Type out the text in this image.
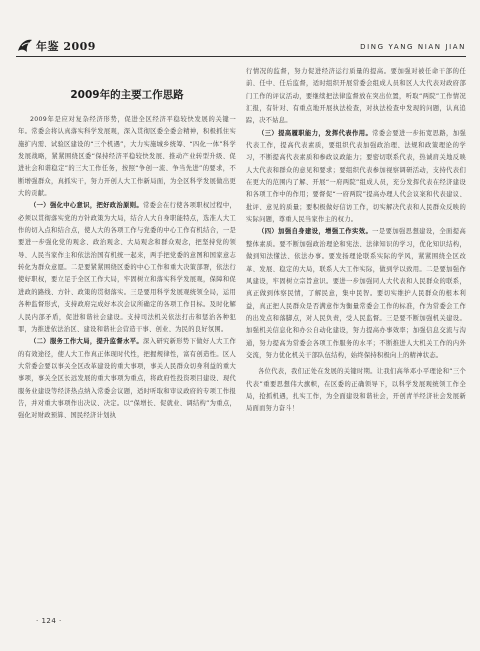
年鉴 2009	DING YANG NIAN JIAN
2009年的主要工作思路

2009年是应对复杂经济形势，促进全区经济平稳较快发展的关键一年。常委会将认真落实科学发展观，深入贯彻区委全委会精神，积极抓住实施扩内需、试验区建设的“三个机遇”，大力实施城乡统筹、“四化一体”科学发展战略，紧紧围绕区委“保持经济平稳较快发展、推动产业转型升级、促进社会和谐稳定”的三大工作任务，按照“争创一流、争当先进”的要求，不断增强群众，真抓实干，努力开创人大工作新局面，为全区科学发展做出更大的贡献。

（一）强化中心意识，把好政治原则。常委会在行使各项职权过程中，必须以贯彻落实党的方针政策为大局，结合人大自身职能特点，选准人大工作的切入点和结合点，使人大的各项工作与党委的中心工作有机结合，一是要进一步强化党的观念、政治观念、大局观念和群众观念，把坚持党的领导、人民当家作主和依法治国有机统一起来，两手把党委的意图和国家意志转化为群众意愿。二是要紧紧围绕区委的中心工作和重大决策部署，依法行使好职权，要立足于全区工作大局，牢固树立和落实科学发展观，保障和促进政的路线、方针、政策的贯彻落实。三是要用科学发展观统领全局，运用各种监督形式，支持政府完成好本次会议所确定的各项工作目标。及时化解人民内部矛盾，促进和谐社会建设。支持司法机关依法打击和惩治各种犯罪，为推进依法治区、建设和谐社会营造干事、创业、为民的良好氛围。

（二）服务工作大局，提升监督水平。深入研究新形势下做好人大工作的有效途径，使人大工作真正体现时代性，把握规律性，富有创造性。区人大常委会要以事关全区改革建设的重大事项，事关人民群众切身利益的重大事项，事关全区长远发展的重大事项为重点，将政府性投资项目建设、现代服务业建设等经济热点纳入常委会议题，适时听取和审议政府的专项工作报告，并对重大事项作出决议、决定。以“保增长、促就业、调结构”为重点，强化对财政预算、国民经济计划执

行情况的监督，努力促进经济运行质量的提高。要加强对被任命干部的任前、任中、任后监督，适时组织开展常委会组成人员和区人大代表对政府部门工作的评议活动，要继续把法律监督放在突出位置，听取“两院”工作情况汇报，有针对、有重点地开展执法检查，对执法检查中发现的问题，认真追踪，决不姑息。

（三）提高履职能力，发挥代表作用。常委会要进一步拓宽思路，加强代表工作，提高代表素质，要组织代表加强政治理、法规和政策理论的学习，不断提高代表素质和参政议政能力；要密切联系代表，热诚肩关地反映人大代表和群众的意见和要求；要组织代表参加视察调研活动，支持代表们在更大的范围内了解、开展“一府两院”组成人员，充分发挥代表在经济建设和各项工作中的作用；要督促“一府两院”提高办理人代会议案和代表建议、批评、意见的质量；要积极做好信访工作，切实解决代表和人民群众反映的实际问题，尊重人民当家作主的权力。

（四）加强自身建设，增强工作实效。一是要加强思想建设，全面提高整体素质。要不断加强政治理论和宪法、法律知识的学习，优化知识结构，做到知法懂法、依法办事。要发扬理论联系实际的学风，紧紧围绕全区改革、发展、稳定的大局，联系人大工作实际，做到学以致用。二是要加强作风建设，牢固树立宗旨意识。要进一步加强同人大代表和人民群众的联系，真正做到体察民情，了解民意，集中民智。要切实维护人民群众的根本利益，真正把人民群众是否满意作为衡量常委会工作的标准，作为常委会工作的出发点和落脚点，对人民负责，受人民监督。三是要不断加强机关建设。加强机关信息化和办公自动化建设，努力提高办事效率；加强信息交流与沟通，努力提高为常委会各项工作服务的水平；不断推进人大机关工作的内外交流，努力优化机关干部队伍结构，始终保持积极向上的精神状态。

各位代表，我们正处在发展的关键时期。让我们高举邓小平理论和“三个代表”重要思想伟大旗帜，在区委的正确领导下，以科学发展观统领工作全局，抢抓机遇，扎实工作，为全面建设和谐社会，开创青羊经济社会发展新局面而努力奋斗！

· 124 ·
